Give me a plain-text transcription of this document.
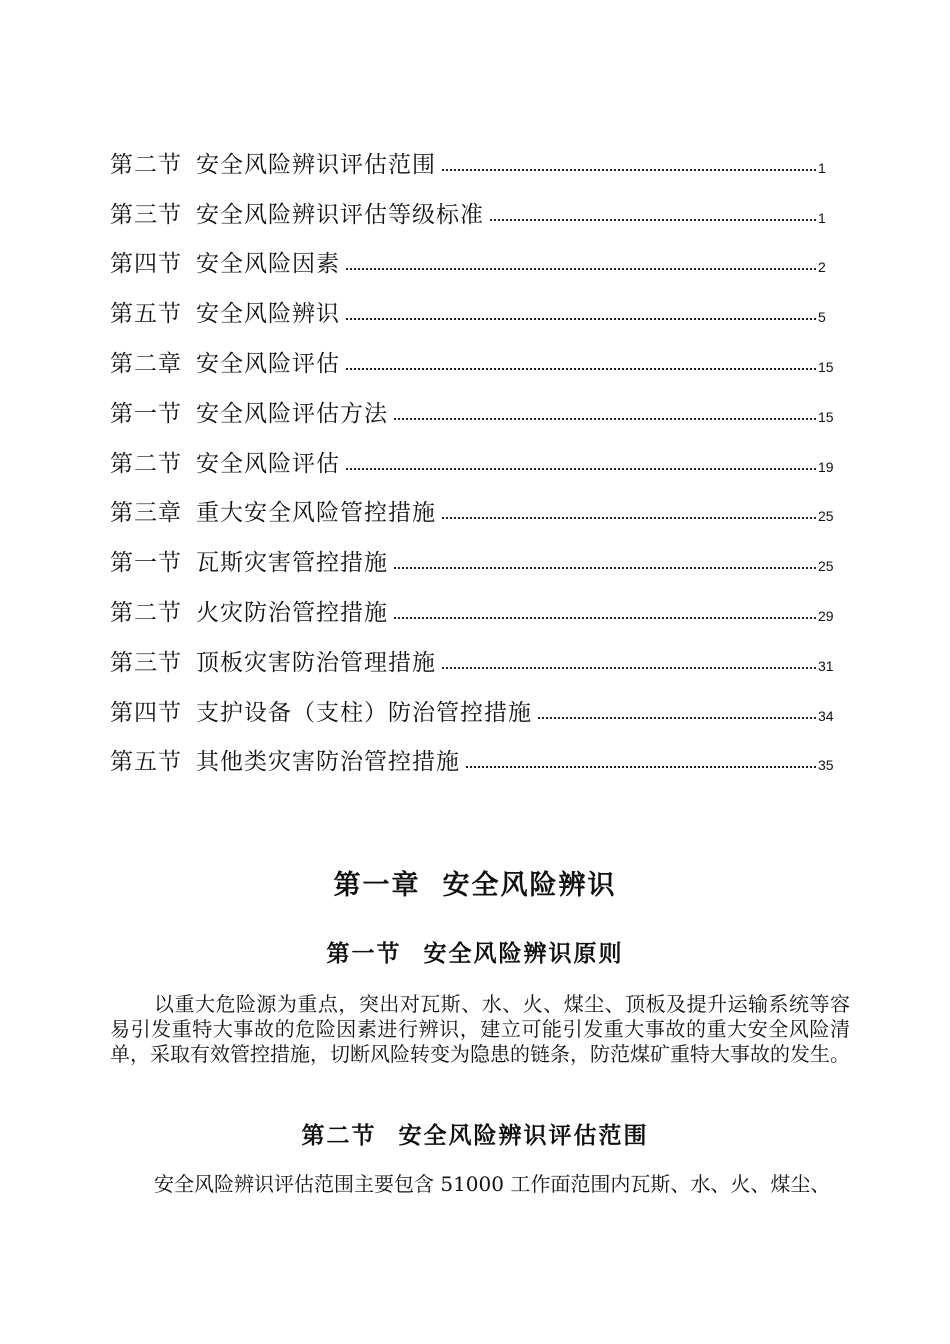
第二节 安全风险辨识评估范围	1
第三节 安全风险辨识评估等级标准	1
第四节 安全风险因素	2
第五节 安全风险辨识	5
第二章 安全风险评估	15
第一节 安全风险评估方法	15
第二节 安全风险评估	19
第三章 重大安全风险管控措施	25
第一节 瓦斯灾害管控措施	25
第二节 火灾防治管控措施	29
第三节 顶板灾害防治管理措施	31
第四节 支护设备（支柱）防治管控措施	34
第五节 其他类灾害防治管控措施	35
第一章 安全风险辨识
第一节 安全风险辨识原则
以重大危险源为重点，突出对瓦斯、水、火、煤尘、顶板及提升运输系统等容易引发重特大事故的危险因素进行辨识，建立可能引发重大事故的重大安全风险清单，采取有效管控措施，切断风险转变为隐患的链条，防范煤矿重特大事故的发生。
第二节 安全风险辨识评估范围
安全风险辨识评估范围主要包含 51000 工作面范围内瓦斯、水、火、煤尘、
